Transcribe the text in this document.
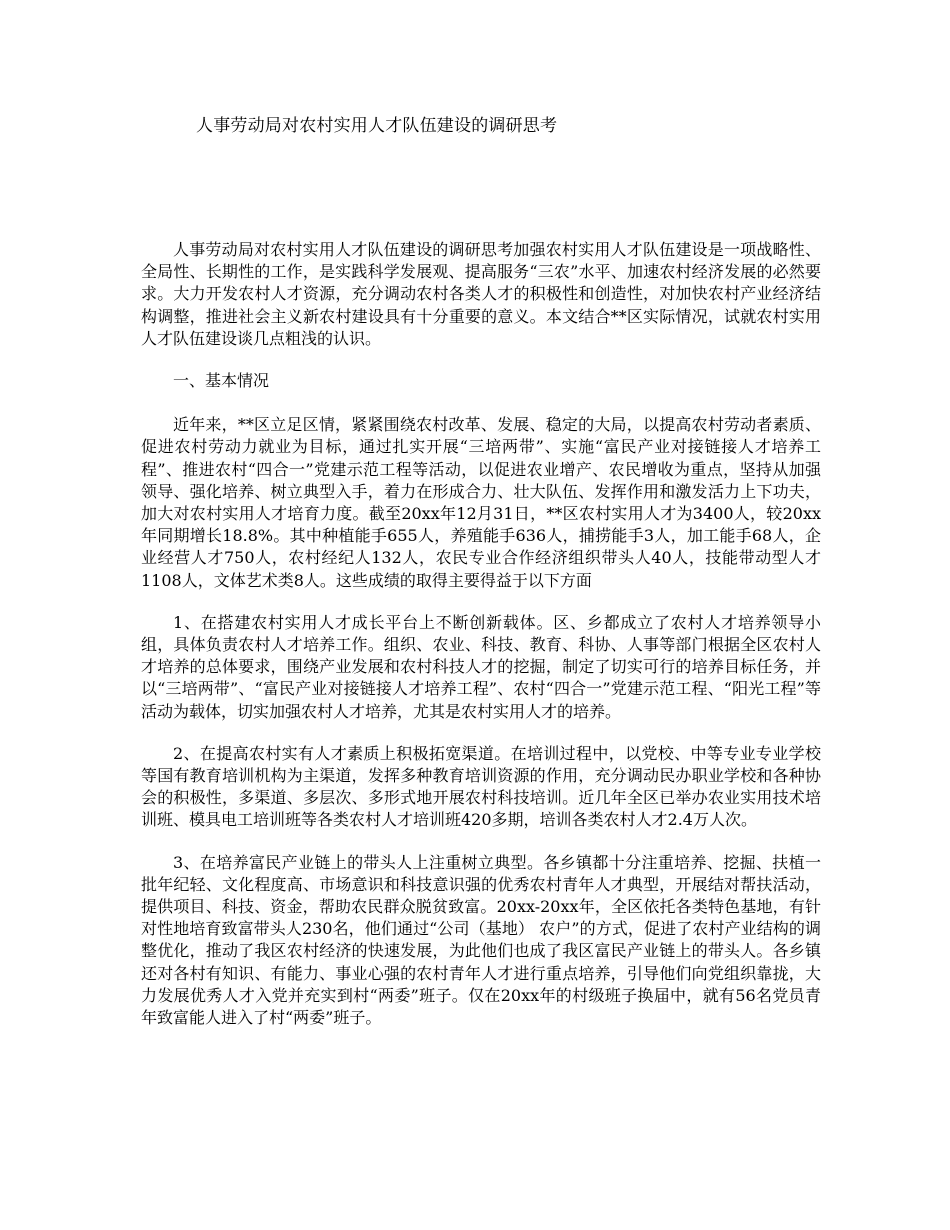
人事劳动局对农村实用人才队伍建设的调研思考

人事劳动局对农村实用人才队伍建设的调研思考加强农村实用人才队伍建设是一项战略性、全局性、长期性的工作，是实践科学发展观、提高服务“三农”水平、加速农村经济发展的必然要求。大力开发农村人才资源，充分调动农村各类人才的积极性和创造性，对加快农村产业经济结构调整，推进社会主义新农村建设具有十分重要的意义。本文结合**区实际情况，试就农村实用人才队伍建设谈几点粗浅的认识。

一、基本情况

近年来，**区立足区情，紧紧围绕农村改革、发展、稳定的大局，以提高农村劳动者素质、促进农村劳动力就业为目标，通过扎实开展“三培两带”、实施“富民产业对接链接人才培养工程”、推进农村“四合一”党建示范工程等活动，以促进农业增产、农民增收为重点，坚持从加强领导、强化培养、树立典型入手，着力在形成合力、壮大队伍、发挥作用和激发活力上下功夫，加大对农村实用人才培育力度。截至20xx年12月31日，**区农村实用人才为3400人，较20xx年同期增长18.8%。其中种植能手655人，养殖能手636人，捕捞能手3人，加工能手68人，企业经营人才750人，农村经纪人132人，农民专业合作经济组织带头人40人，技能带动型人才1108人，文体艺术类8人。这些成绩的取得主要得益于以下方面

1、在搭建农村实用人才成长平台上不断创新载体。区、乡都成立了农村人才培养领导小组，具体负责农村人才培养工作。组织、农业、科技、教育、科协、人事等部门根据全区农村人才培养的总体要求，围绕产业发展和农村科技人才的挖掘，制定了切实可行的培养目标任务，并以“三培两带”、“富民产业对接链接人才培养工程”、农村“四合一”党建示范工程、“阳光工程”等活动为载体，切实加强农村人才培养，尤其是农村实用人才的培养。

2、在提高农村实有人才素质上积极拓宽渠道。在培训过程中，以党校、中等专业专业学校等国有教育培训机构为主渠道，发挥多种教育培训资源的作用，充分调动民办职业学校和各种协会的积极性，多渠道、多层次、多形式地开展农村科技培训。近几年全区已举办农业实用技术培训班、模具电工培训班等各类农村人才培训班420多期，培训各类农村人才2.4万人次。

3、在培养富民产业链上的带头人上注重树立典型。各乡镇都十分注重培养、挖掘、扶植一批年纪轻、文化程度高、市场意识和科技意识强的优秀农村青年人才典型，开展结对帮扶活动，提供项目、科技、资金，帮助农民群众脱贫致富。20xx-20xx年，全区依托各类特色基地，有针对性地培育致富带头人230名，他们通过“公司（基地） 农户”的方式，促进了农村产业结构的调整优化，推动了我区农村经济的快速发展，为此他们也成了我区富民产业链上的带头人。各乡镇还对各村有知识、有能力、事业心强的农村青年人才进行重点培养，引导他们向党组织靠拢，大力发展优秀人才入党并充实到村“两委”班子。仅在20xx年的村级班子换届中，就有56名党员青年致富能人进入了村“两委”班子。
